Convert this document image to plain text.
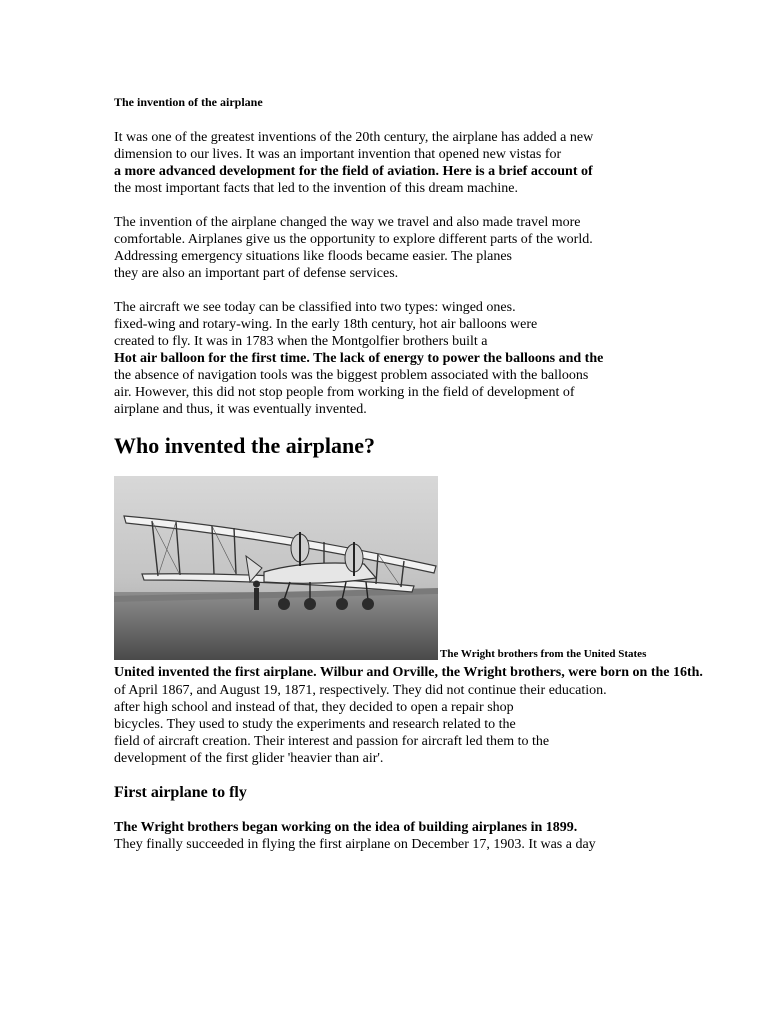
The invention of the airplane
It was one of the greatest inventions of the 20th century, the airplane has added a new
dimension to our lives. It was an important invention that opened new vistas for
a more advanced development for the field of aviation. Here is a brief account of
the most important facts that led to the invention of this dream machine.
The invention of the airplane changed the way we travel and also made travel more
comfortable. Airplanes give us the opportunity to explore different parts of the world.
Addressing emergency situations like floods became easier. The planes
they are also an important part of defense services.
The aircraft we see today can be classified into two types: winged ones.
fixed-wing and rotary-wing. In the early 18th century, hot air balloons were
created to fly. It was in 1783 when the Montgolfier brothers built a
Hot air balloon for the first time. The lack of energy to power the balloons and the
the absence of navigation tools was the biggest problem associated with the balloons
air. However, this did not stop people from working in the field of development of
airplane and thus, it was eventually invented.
Who invented the airplane?
The Wright brothers from the United States
United invented the first airplane. Wilbur and Orville, the Wright brothers, were born on the 16th.
of April 1867, and August 19, 1871, respectively. They did not continue their education.
after high school and instead of that, they decided to open a repair shop
bicycles. They used to study the experiments and research related to the
field of aircraft creation. Their interest and passion for aircraft led them to the
development of the first glider 'heavier than air'.
First airplane to fly
The Wright brothers began working on the idea of building airplanes in 1899.
They finally succeeded in flying the first airplane on December 17, 1903. It was a day
